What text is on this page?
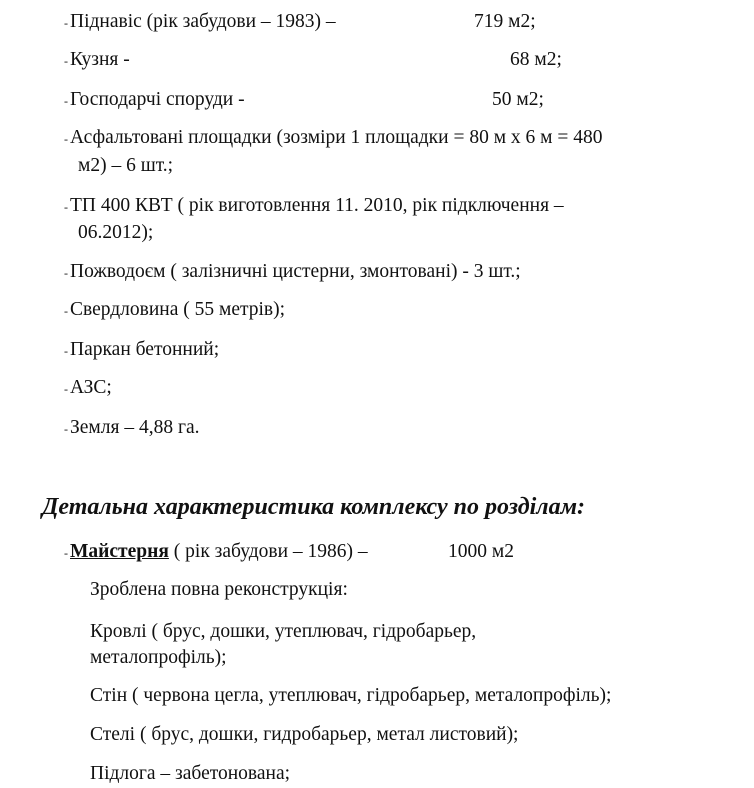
- Піднавіс (рік забудови – 1983) –	719 м2;
- Кузня -	68 м2;
- Господарчі споруди -	50 м2;
- Асфальтовані площадки (зозміри 1 площадки = 80 м х 6 м = 480
м2) – 6 шт.;
- ТП 400 КВТ ( рік виготовлення 11. 2010, рік підключення –
06.2012);
- Пожводоєм ( залізничні цистерни, змонтовані) - 3 шт.;
- Свердловина ( 55 метрів);
- Паркан бетонний;
- АЗС;
- Земля – 4,88 га.
Детальна характеристика комплексу по розділам:
- Майстерня ( рік забудови – 1986) –	1000 м2
Зроблена повна реконструкція:
Кровлі ( брус, дошки, утеплювач, гідробарьер,
металопрофіль);
Стін ( червона цегла, утеплювач, гідробарьер, металопрофіль);
Стелі ( брус, дошки, гидробарьер, метал листовий);
Підлога – забетонована;
